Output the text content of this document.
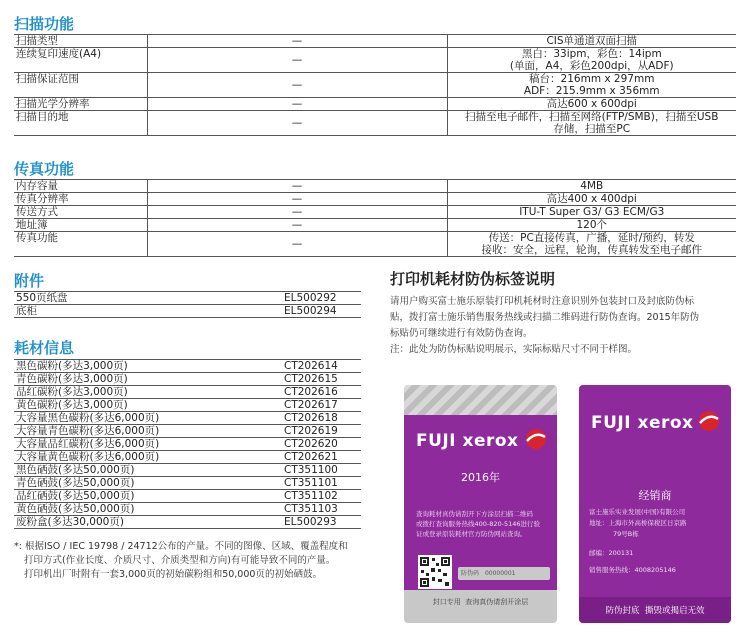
扫描功能
扫描类型	—	CIS单通道双面扫描

连续复印速度(A4)	—	黑白：33ipm，彩色：14ipm
(单面，A4，彩色200dpi，从ADF)

扫描保证范围	—	稿台：216mm x 297mm
ADF：215.9mm x 356mm

扫描光学分辨率	—	高达600 x 600dpi

扫描目的地	—	扫描至电子邮件，扫描至网络(FTP/SMB)，扫描至USB
存储，扫描至PC
传真功能
内存容量	—	4MB

传真分辨率	—	高达400 x 400dpi

传送方式	—	ITU-T Super G3/ G3 ECM/G3

地址簿	—	120个

传真功能	—	传送：PC直接传真，广播，延时/预约，转发
接收：安全，远程，轮询，传真转发至电子邮件
附件
550页纸盘	EL500292
底柜	EL500294
耗材信息
黑色碳粉(多达3,000页)	CT202614
青色碳粉(多达3,000页)	CT202615
品红碳粉(多达3,000页)	CT202616
黄色碳粉(多达3,000页)	CT202617
大容量黑色碳粉(多达6,000页)	CT202618
大容量青色碳粉(多达6,000页)	CT202619
大容量品红碳粉(多达6,000页)	CT202620
大容量黄色碳粉(多达6,000页)	CT202621
黑色硒鼓(多达50,000页)	CT351100
青色硒鼓(多达50,000页)	CT351101
品红硒鼓(多达50,000页)	CT351102
黄色硒鼓(多达50,000页)	CT351103
废粉盒(多达30,000页)	EL500293
*: 根据ISO / IEC 19798 / 24712公布的产量。不同的图像、区域、覆盖程度和
打印方式(作业长度、介质尺寸、介质类型和方向)有可能导致不同的产量。
打印机出厂时附有一套3,000页的初始碳粉组和50,000页的初始硒鼓。
打印机耗材防伪标签说明
请用户购买富士施乐原装打印机耗材时注意识别外包装封口及封底防伪标
贴，拨打富士施乐销售服务热线或扫描二维码进行防伪查询。2015年防伪
标贴仍可继续进行有效防伪查询。
注：此处为防伪标贴说明展示，实际标贴尺寸不同于样图。
FUJI xerox
2016年
查询耗材真伪请刮开下方涂层扫描二维码
或拨打查询服务热线400-820-5146进行验
证或登录原装耗材官方防伪网站查询。
防伪码 00000001
封口专用  查询真伪请刮开涂层
FUJI xerox
经销商
富士施乐实业发展(中国)有限公司
地址：上海市外高桥保税区日京路
79号B栋
邮编：200131
销售服务热线：4008205146
防伪封底  撕毁或揭启无效
